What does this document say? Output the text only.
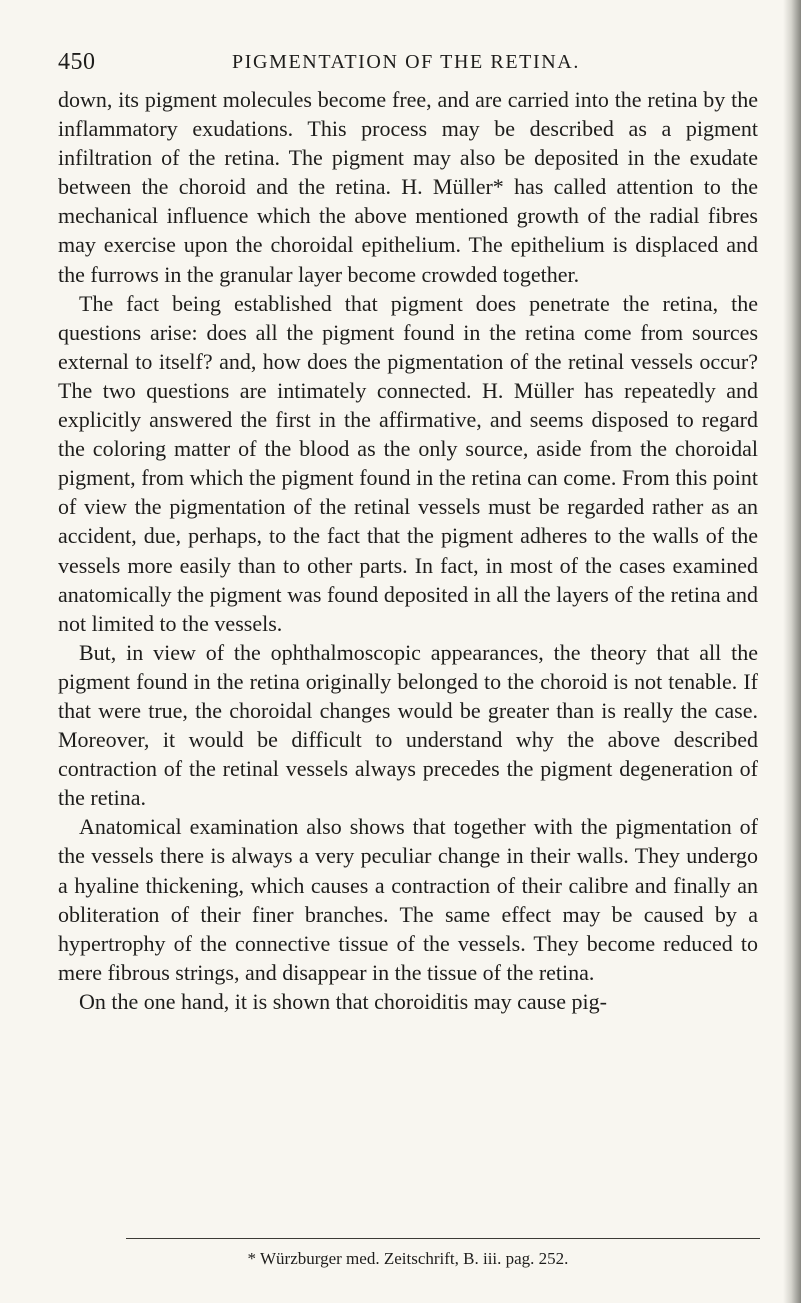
450	PIGMENTATION OF THE RETINA.

down, its pigment molecules become free, and are carried into the retina by the inflammatory exudations. This process may be described as a pigment infiltration of the retina. The pigment may also be deposited in the exudate between the choroid and the retina. H. Müller* has called attention to the mechanical influence which the above mentioned growth of the radial fibres may exercise upon the choroidal epithelium. The epithelium is displaced and the furrows in the granular layer become crowded together.

The fact being established that pigment does penetrate the retina, the questions arise: does all the pigment found in the retina come from sources external to itself? and, how does the pigmentation of the retinal vessels occur? The two questions are intimately connected. H. Müller has repeatedly and explicitly answered the first in the affirmative, and seems disposed to regard the coloring matter of the blood as the only source, aside from the choroidal pigment, from which the pigment found in the retina can come. From this point of view the pigmentation of the retinal vessels must be regarded rather as an accident, due, perhaps, to the fact that the pigment adheres to the walls of the vessels more easily than to other parts. In fact, in most of the cases examined anatomically the pigment was found deposited in all the layers of the retina and not limited to the vessels.

But, in view of the ophthalmoscopic appearances, the theory that all the pigment found in the retina originally belonged to the choroid is not tenable. If that were true, the choroidal changes would be greater than is really the case. Moreover, it would be difficult to understand why the above described contraction of the retinal vessels always precedes the pigment degeneration of the retina.

Anatomical examination also shows that together with the pigmentation of the vessels there is always a very peculiar change in their walls. They undergo a hyaline thickening, which causes a contraction of their calibre and finally an obliteration of their finer branches. The same effect may be caused by a hypertrophy of the connective tissue of the vessels. They become reduced to mere fibrous strings, and disappear in the tissue of the retina.

On the one hand, it is shown that choroiditis may cause pig-

* Würzburger med. Zeitschrift, B. iii. pag. 252.
